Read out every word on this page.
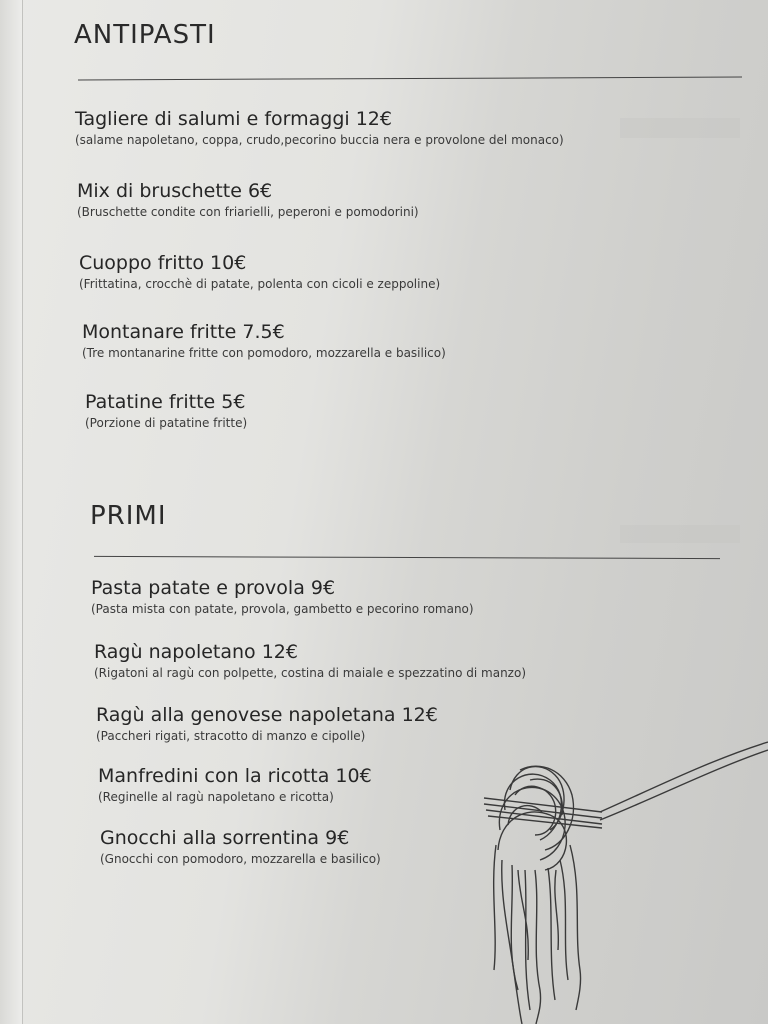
ANTIPASTI
Tagliere di salumi e formaggi 12€
(salame napoletano, coppa, crudo,pecorino buccia nera e provolone del monaco)
Mix di bruschette 6€
(Bruschette condite con friarielli, peperoni e pomodorini)
Cuoppo fritto 10€
(Frittatina, crocchè di patate, polenta con cicoli e zeppoline)
Montanare fritte 7.5€
(Tre montanarine fritte con pomodoro, mozzarella e basilico)
Patatine fritte 5€
(Porzione di patatine fritte)
PRIMI
Pasta patate e provola 9€
(Pasta mista con patate, provola, gambetto e pecorino romano)
Ragù napoletano 12€
(Rigatoni al ragù con polpette, costina di maiale e spezzatino di manzo)
Ragù alla genovese napoletana 12€
(Paccheri rigati, stracotto di manzo e cipolle)
Manfredini con la ricotta 10€
(Reginelle al ragù napoletano e ricotta)
Gnocchi alla sorrentina 9€
(Gnocchi con pomodoro, mozzarella e basilico)
